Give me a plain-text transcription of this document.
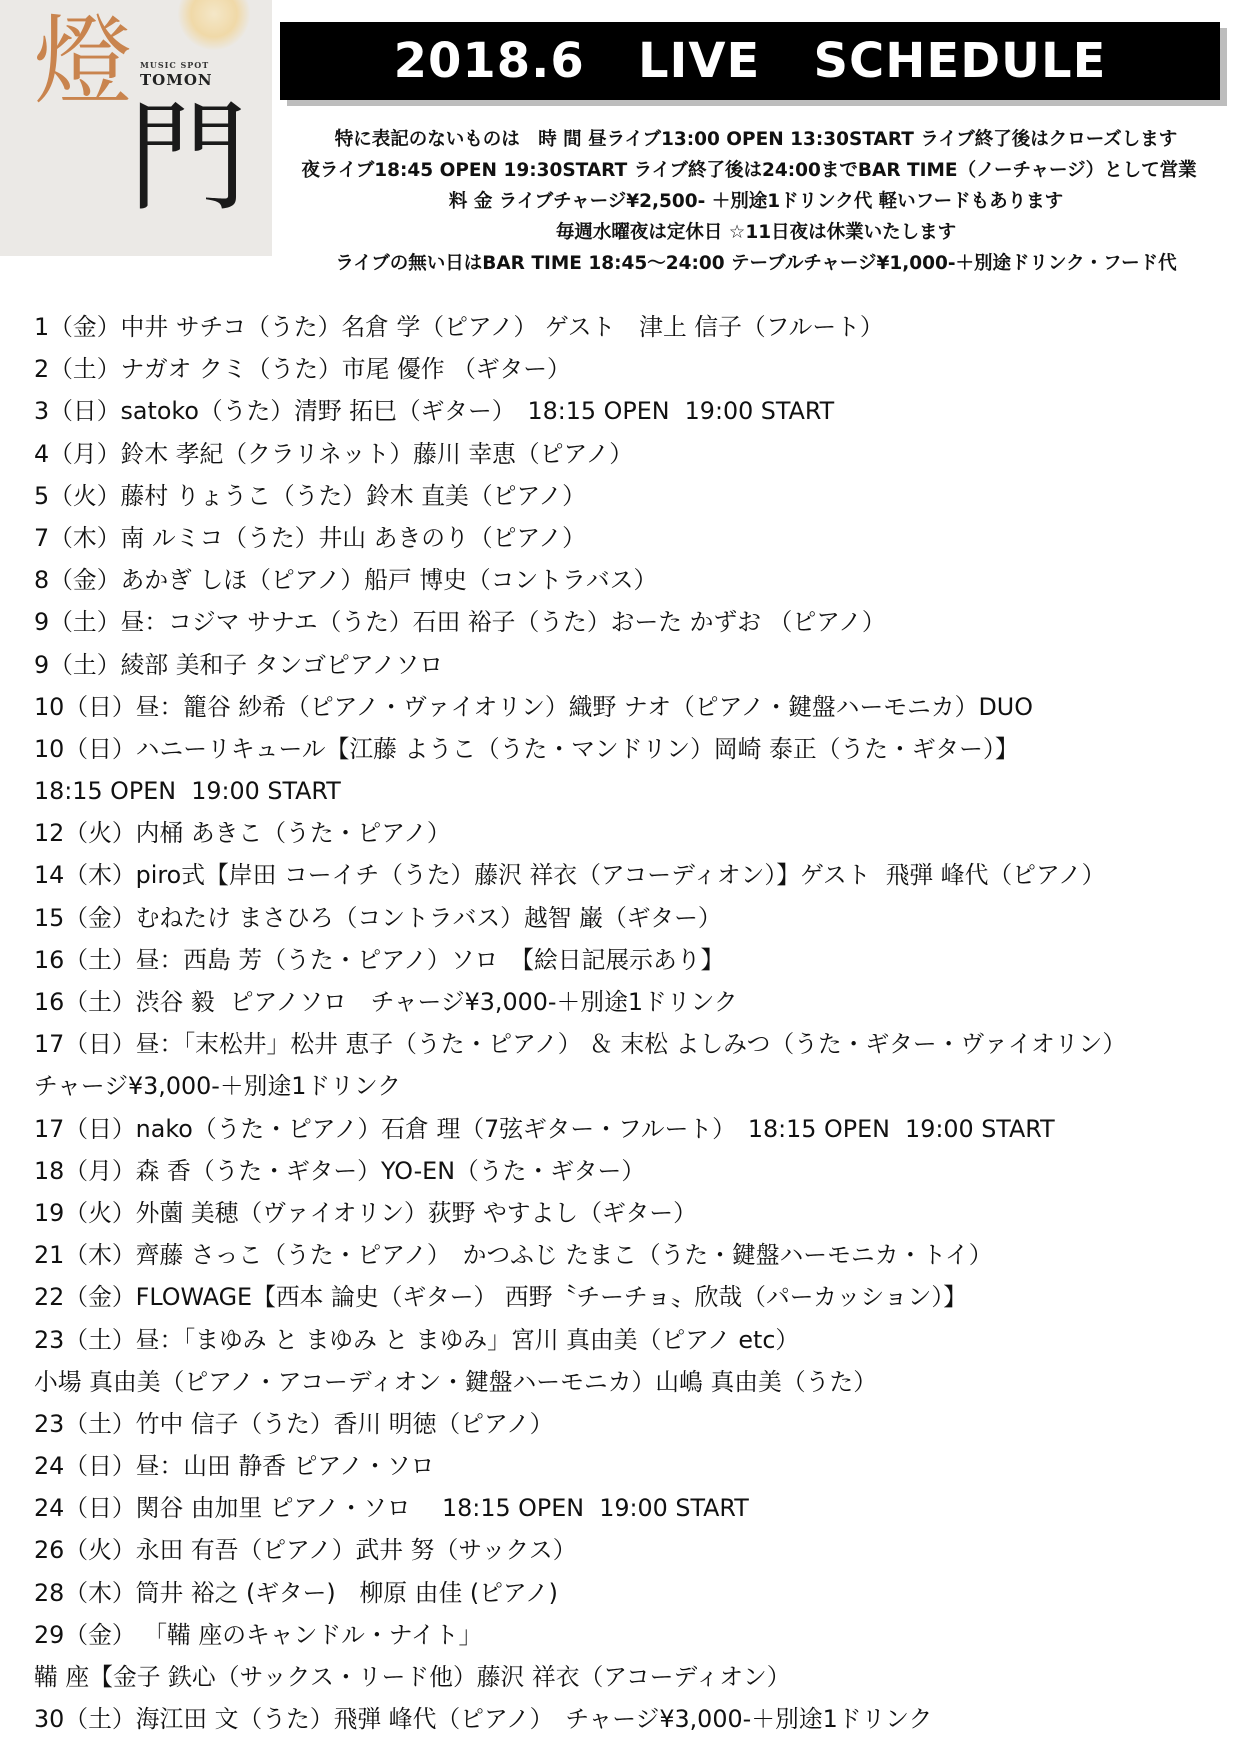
燈
門
MUSIC SPOT
TOMON	2018.6   LIVE   SCHEDULE
特に表記のないものは　時 間 昼ライブ13:00 OPEN 13:30START ライブ終了後はクローズします
夜ライブ18:45 OPEN 19:30START ライブ終了後は24:00までBAR TIME（ノーチャージ）として営業
料 金 ライブチャージ¥2,500- ＋別途1ドリンク代 軽いフードもあります
毎週水曜夜は定休日 ☆11日夜は休業いたします
ライブの無い日はBAR TIME 18:45〜24:00 テーブルチャージ¥1,000-＋別途ドリンク・フード代
1（金）中井 サチコ（うた）名倉 学（ピアノ） ゲスト　津上 信子（フルート）
2（土）ナガオ クミ（うた）市尾 優作 （ギター）
3（日）satoko（うた）清野 拓巳（ギター）　18:15 OPEN  19:00 START
4（月）鈴木 孝紀（クラリネット）藤川 幸恵（ピアノ）
5（火）藤村 りょうこ（うた）鈴木 直美（ピアノ）
7（木）南 ルミコ（うた）井山 あきのり（ピアノ）
8（金）あかぎ しほ（ピアノ）船戸 博史（コントラバス）
9（土）昼：コジマ サナエ（うた）石田 裕子（うた）おーた かずお （ピアノ）
9（土）綾部 美和子 タンゴピアノソロ
10（日）昼：籠谷 紗希（ピアノ・ヴァイオリン）織野 ナオ（ピアノ・鍵盤ハーモニカ）DUO
10（日）ハニーリキュール【江藤 ようこ（うた・マンドリン）岡崎 泰正（うた・ギター）】
18:15 OPEN  19:00 START
12（火）内桶 あきこ（うた・ピアノ）
14（木）piro式【岸田 コーイチ（うた）藤沢 祥衣（アコーディオン）】ゲスト  飛弾 峰代（ピアノ）
15（金）むねたけ まさひろ（コントラバス）越智 巌（ギター）
16（土）昼：西島 芳（うた・ピアノ）ソロ　【絵日記展示あり】
16（土）渋谷 毅  ピアノソロ　チャージ¥3,000-＋別途1ドリンク
17（日）昼：「末松井」松井 恵子（うた・ピアノ） ＆ 末松 よしみつ（うた・ギター・ヴァイオリン）
チャージ¥3,000-＋別途1ドリンク
17（日）nako（うた・ピアノ）石倉 理（7弦ギター・フルート）　18:15 OPEN  19:00 START
18（月）森 香（うた・ギター）YO-EN（うた・ギター）
19（火）外薗 美穂（ヴァイオリン）荻野 やすよし（ギター）
21（木）齊藤 さっこ（うた・ピアノ）　かつふじ たまこ（うた・鍵盤ハーモニカ・トイ）
22（金）FLOWAGE【西本 論史（ギター） 西野〝チーチョ〟欣哉（パーカッション）】
23（土）昼：「まゆみ と まゆみ と まゆみ」宮川 真由美（ピアノ etc）
小場 真由美（ピアノ・アコーディオン・鍵盤ハーモニカ）山嶋 真由美（うた）
23（土）竹中 信子（うた）香川 明徳（ピアノ）
24（日）昼：山田 静香 ピアノ・ソロ
24（日）関谷 由加里 ピアノ・ソロ　 18:15 OPEN  19:00 START
26（火）永田 有吾（ピアノ）武井 努（サックス）
28（木）筒井 裕之 (ギター)　柳原 由佳 (ピアノ)
29（金） 「鞴 座のキャンドル・ナイト」
鞴 座【金子 鉄心（サックス・リード他）藤沢 祥衣（アコーディオン）
30（土）海江田 文（うた）飛弾 峰代（ピアノ）　チャージ¥3,000-＋別途1ドリンク
